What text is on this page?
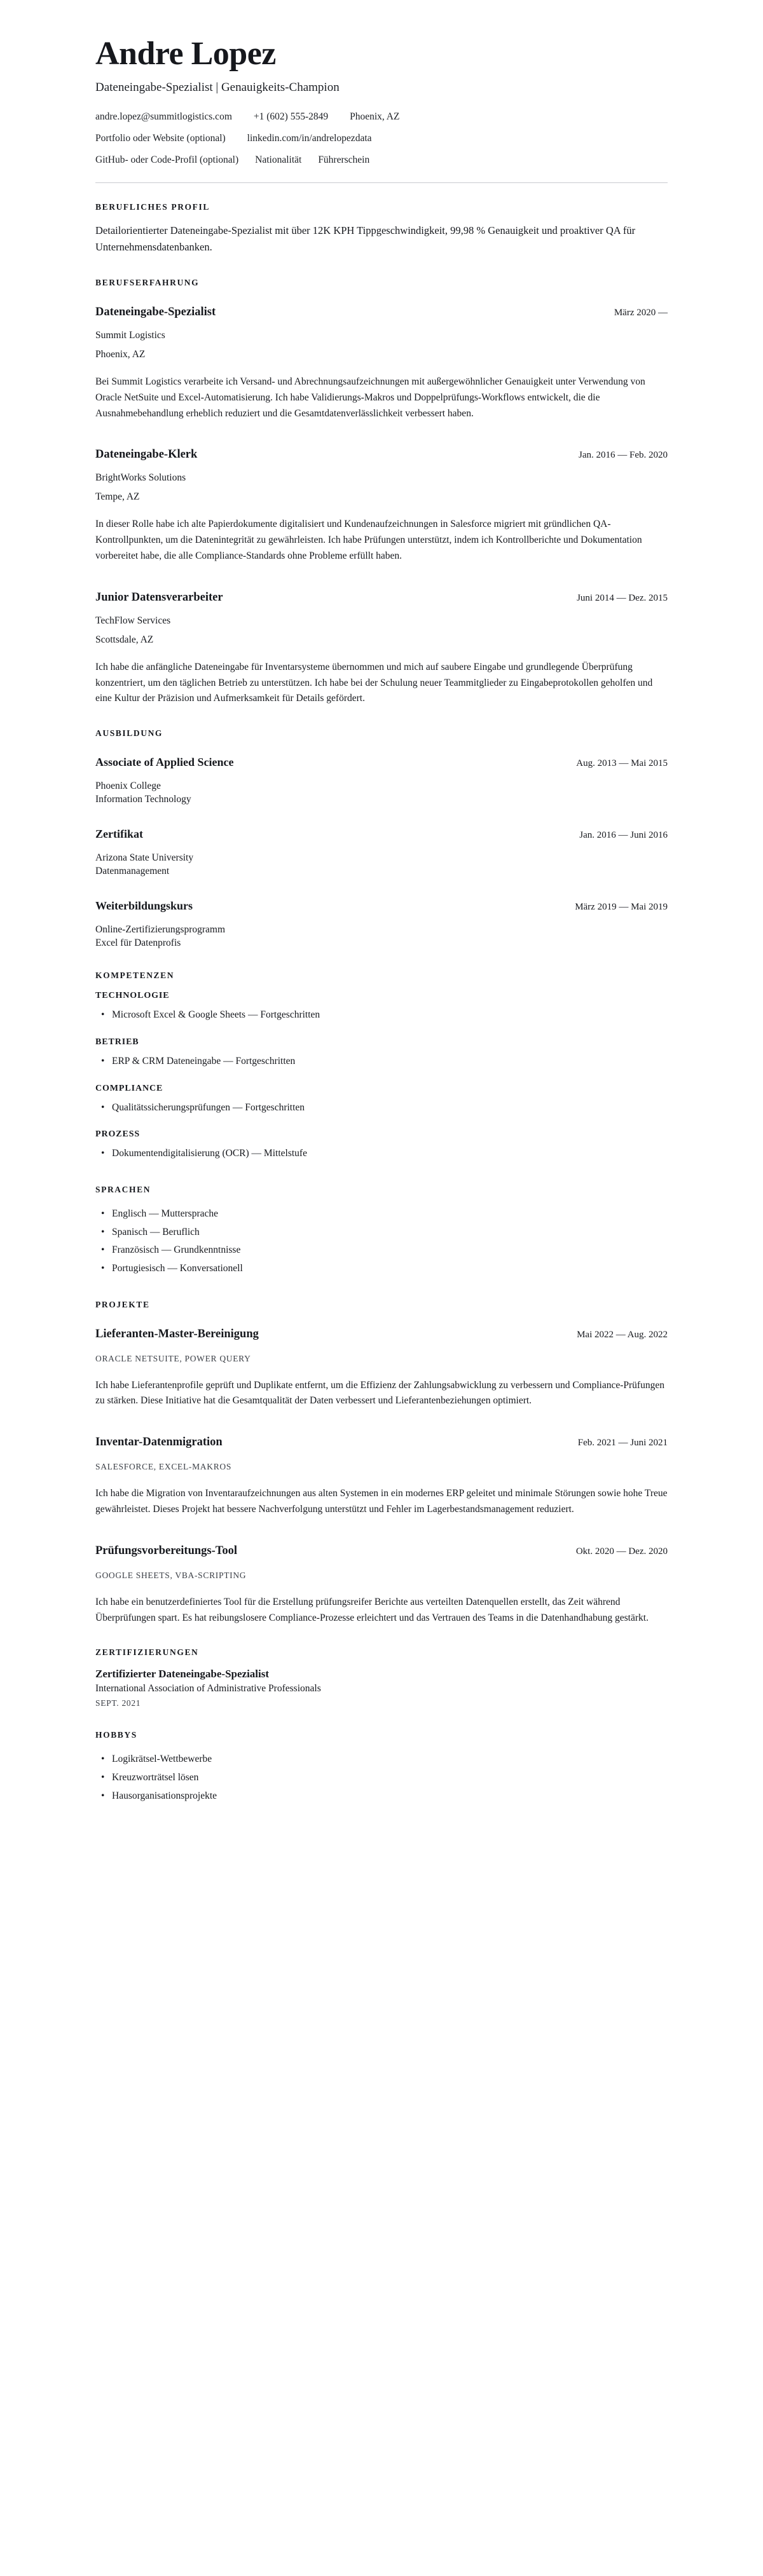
Andre Lopez

Dateneingabe-Spezialist | Genauigkeits-Champion

andre.lopez@summitlogistics.com +1 (602) 555-2849 Phoenix, AZ
Portfolio oder Website (optional) linkedin.com/in/andrelopezdata
GitHub- oder Code-Profil (optional) Nationalität Führerschein
BERUFLICHES PROFIL

Detailorientierter Dateneingabe-Spezialist mit über 12K KPH Tippgeschwindigkeit, 99,98 % Genauigkeit und proaktiver QA für Unternehmensdatenbanken.

BERUFSERFAHRUNG

Dateneingabe-Spezialist	März 2020 —

Summit Logistics

Phoenix, AZ

Bei Summit Logistics verarbeite ich Versand- und Abrechnungsaufzeichnungen mit außergewöhnlicher Genauigkeit unter Verwendung von Oracle NetSuite und Excel-Automatisierung. Ich habe Validierungs-Makros und Doppelprüfungs-Workflows entwickelt, die die Ausnahmebehandlung erheblich reduziert und die Gesamtdatenverlässlichkeit verbessert haben.

Dateneingabe-Klerk	Jan. 2016 — Feb. 2020

BrightWorks Solutions

Tempe, AZ

In dieser Rolle habe ich alte Papierdokumente digitalisiert und Kundenaufzeichnungen in Salesforce migriert mit gründlichen QA-Kontrollpunkten, um die Datenintegrität zu gewährleisten. Ich habe Prüfungen unterstützt, indem ich Kontrollberichte und Dokumentation vorbereitet habe, die alle Compliance-Standards ohne Probleme erfüllt haben.

Junior Datensverarbeiter	Juni 2014 — Dez. 2015

TechFlow Services

Scottsdale, AZ

Ich habe die anfängliche Dateneingabe für Inventarsysteme übernommen und mich auf saubere Eingabe und grundlegende Überprüfung konzentriert, um den täglichen Betrieb zu unterstützen. Ich habe bei der Schulung neuer Teammitglieder zu Eingabeprotokollen geholfen und eine Kultur der Präzision und Aufmerksamkeit für Details gefördert.

AUSBILDUNG

Associate of Applied Science	Aug. 2013 — Mai 2015

Phoenix College

Information Technology

Zertifikat	Jan. 2016 — Juni 2016

Arizona State University

Datenmanagement

Weiterbildungskurs	März 2019 — Mai 2019

Online-Zertifizierungsprogramm

Excel für Datenprofis

KOMPETENZEN

TECHNOLOGIE

• Microsoft Excel & Google Sheets — Fortgeschritten

BETRIEB

• ERP & CRM Dateneingabe — Fortgeschritten

COMPLIANCE

• Qualitätssicherungsprüfungen — Fortgeschritten

PROZESS

• Dokumentendigitalisierung (OCR) — Mittelstufe
SPRACHEN
• Englisch — Muttersprache
• Spanisch — Beruflich
• Französisch — Grundkenntnisse
• Portugiesisch — Konversationell
PROJEKTE

Lieferanten-Master-Bereinigung	Mai 2022 — Aug. 2022

ORACLE NETSUITE, POWER QUERY

Ich habe Lieferantenprofile geprüft und Duplikate entfernt, um die Effizienz der Zahlungsabwicklung zu verbessern und Compliance-Prüfungen zu stärken. Diese Initiative hat die Gesamtqualität der Daten verbessert und Lieferantenbeziehungen optimiert.

Inventar-Datenmigration	Feb. 2021 — Juni 2021

SALESFORCE, EXCEL-MAKROS

Ich habe die Migration von Inventaraufzeichnungen aus alten Systemen in ein modernes ERP geleitet und minimale Störungen sowie hohe Treue gewährleistet. Dieses Projekt hat bessere Nachverfolgung unterstützt und Fehler im Lagerbestandsmanagement reduziert.

Prüfungsvorbereitungs-Tool	Okt. 2020 — Dez. 2020

GOOGLE SHEETS, VBA-SCRIPTING

Ich habe ein benutzerdefiniertes Tool für die Erstellung prüfungsreifer Berichte aus verteilten Datenquellen erstellt, das Zeit während Überprüfungen spart. Es hat reibungslosere Compliance-Prozesse erleichtert und das Vertrauen des Teams in die Datenhandhabung gestärkt.

ZERTIFIZIERUNGEN

Zertifizierter Dateneingabe-Spezialist

International Association of Administrative Professionals

SEPT. 2021

HOBBYS
• Logikrätsel-Wettbewerbe
• Kreuzworträtsel lösen
• Hausorganisationsprojekte
